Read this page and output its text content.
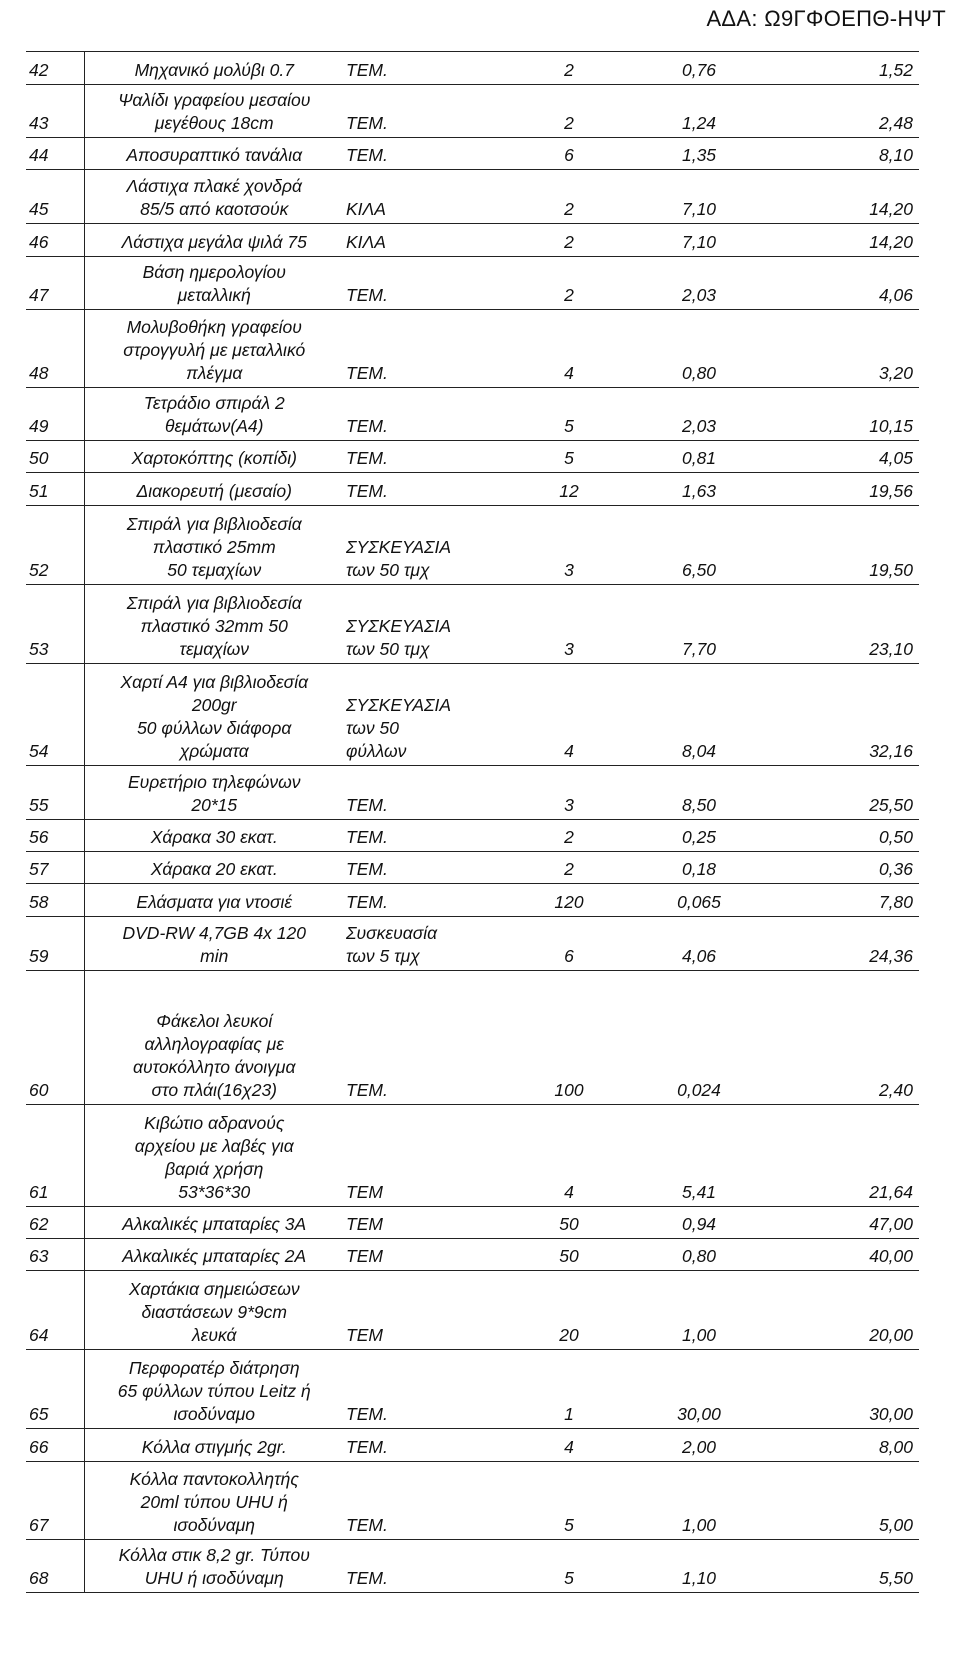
ΑΔΑ: Ω9ΓΦΟΕΠΘ-ΗΨΤ
42	Μηχανικό μολύβι 0.7	ΤΕΜ.	2	0,76	1,52
43	Ψαλίδι γραφείου μεσαίου
μεγέθους 18cm	ΤΕΜ.	2	1,24	2,48
44	Αποσυραπτικό τανάλια	ΤΕΜ.	6	1,35	8,10
45	Λάστιχα πλακέ χονδρά
85/5 από καοτσούκ	ΚΙΛΑ	2	7,10	14,20
46	Λάστιχα μεγάλα ψιλά 75	ΚΙΛΑ	2	7,10	14,20
47	Βάση ημερολογίου
μεταλλική	ΤΕΜ.	2	2,03	4,06
48	Μολυβοθήκη γραφείου
στρογγυλή με μεταλλικό
πλέγμα	ΤΕΜ.	4	0,80	3,20
49	Τετράδιο σπιράλ 2
θεμάτων(Α4)	ΤΕΜ.	5	2,03	10,15
50	Χαρτοκόπτης (κοπίδι)	ΤΕΜ.	5	0,81	4,05
51	Διακορευτή (μεσαίο)	ΤΕΜ.	12	1,63	19,56
52	Σπιράλ για βιβλιοδεσία
πλαστικό 25mm
50 τεμαχίων	ΣΥΣΚΕΥΑΣΙΑ
των 50 τμχ	3	6,50	19,50
53	Σπιράλ για βιβλιοδεσία
πλαστικό 32mm 50
τεμαχίων	ΣΥΣΚΕΥΑΣΙΑ
των 50 τμχ	3	7,70	23,10
54	Χαρτί Α4 για βιβλιοδεσία
200gr
50 φύλλων διάφορα
χρώματα	ΣΥΣΚΕΥΑΣΙΑ
των 50
φύλλων	4	8,04	32,16
55	Ευρετήριο τηλεφώνων
20*15	ΤΕΜ.	3	8,50	25,50
56	Χάρακα 30 εκατ.	ΤΕΜ.	2	0,25	0,50
57	Χάρακα 20 εκατ.	ΤΕΜ.	2	0,18	0,36
58	Ελάσματα για ντοσιέ	ΤΕΜ.	120	0,065	7,80
59	DVD-RW 4,7GB 4x 120
min	Συσκευασία
των 5 τμχ	6	4,06	24,36
60	Φάκελοι λευκοί
αλληλογραφίας με
αυτοκόλλητο άνοιγμα
στο πλάι(16χ23)	ΤΕΜ.	100	0,024	2,40
61	Κιβώτιο αδρανούς
αρχείου με λαβές για
βαριά χρήση
53*36*30	ΤΕΜ	4	5,41	21,64
62	Αλκαλικές μπαταρίες 3Α	ΤΕΜ	50	0,94	47,00
63	Αλκαλικές μπαταρίες 2Α	ΤΕΜ	50	0,80	40,00
64	Χαρτάκια σημειώσεων
διαστάσεων 9*9cm
λευκά	ΤΕΜ	20	1,00	20,00
65	Περφορατέρ διάτρηση
65 φύλλων τύπου Leitz ή
ισοδύναμο	ΤΕΜ.	1	30,00	30,00
66	Κόλλα στιγμής 2gr.	ΤΕΜ.	4	2,00	8,00
67	Κόλλα παντοκολλητής
20ml τύπου UHU ή
ισοδύναμη	ΤΕΜ.	5	1,00	5,00
68	Κόλλα στικ 8,2 gr. Τύπου
UHU ή ισοδύναμη	ΤΕΜ.	5	1,10	5,50
